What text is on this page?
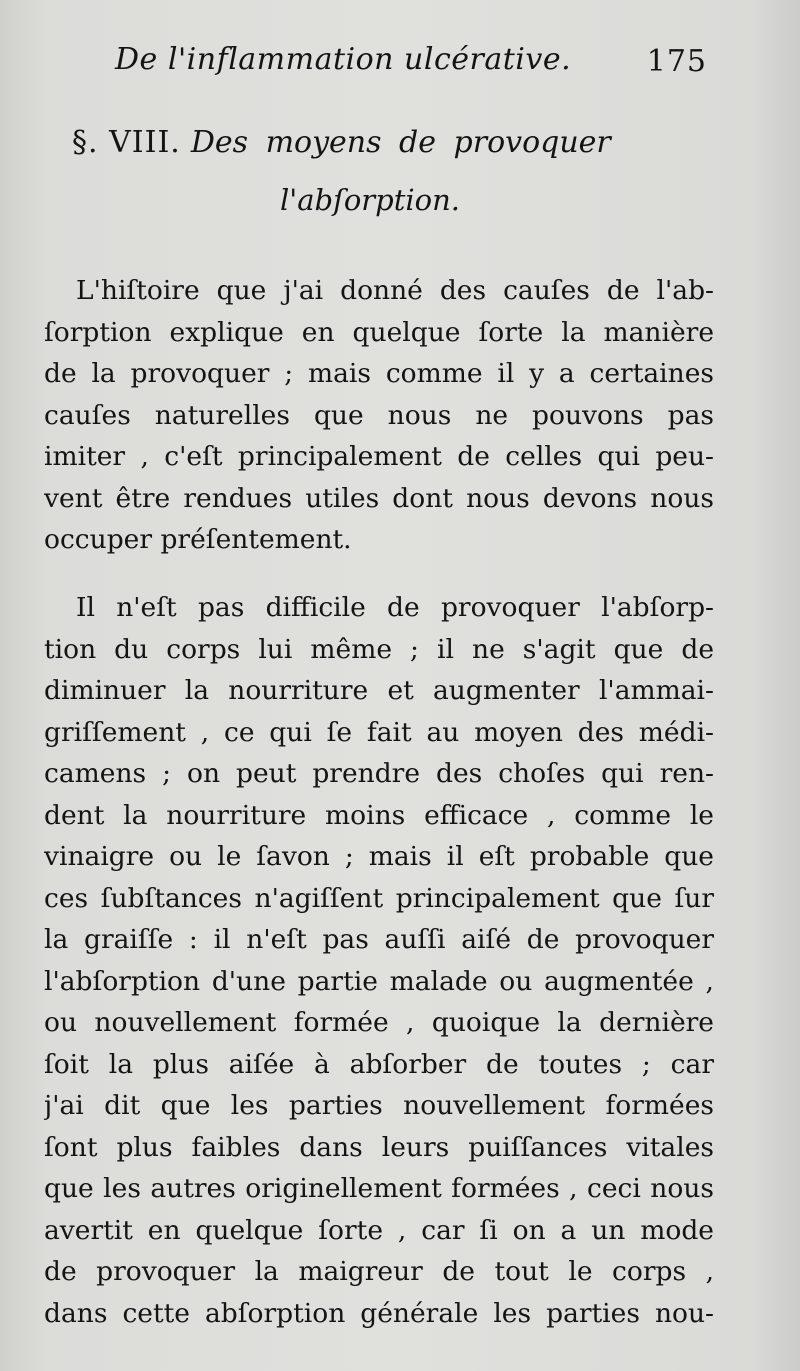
De l'inflammation ulcérative.	175
§. VIII. Des moyens de provoquer
l'abſorption.
L'hiſtoire que j'ai donné des cauſes de l'ab-
ſorption explique en quelque ſorte la manière
de la provoquer ; mais comme il y a certaines
cauſes naturelles que nous ne pouvons pas
imiter , c'eſt principalement de celles qui peu-
vent être rendues utiles dont nous devons nous
occuper préſentement.
Il n'eſt pas difficile de provoquer l'abſorp-
tion du corps lui même ; il ne s'agit que de
diminuer la nourriture et augmenter l'ammai-
griſſement , ce qui ſe fait au moyen des médi-
camens ; on peut prendre des choſes qui ren-
dent la nourriture moins efficace , comme le
vinaigre ou le ſavon ; mais il eſt probable que
ces ſubſtances n'agiſſent principalement que ſur
la graiſſe : il n'eſt pas auſſi aiſé de provoquer
l'abſorption d'une partie malade ou augmentée ,
ou nouvellement formée , quoique la dernière
ſoit la plus aiſée à abſorber de toutes ; car
j'ai dit que les parties nouvellement formées
ſont plus faibles dans leurs puiſſances vitales
que les autres originellement formées , ceci nous
avertit en quelque ſorte , car ſi on a un mode
de provoquer la maigreur de tout le corps ,
dans cette abſorption générale les parties nou-
